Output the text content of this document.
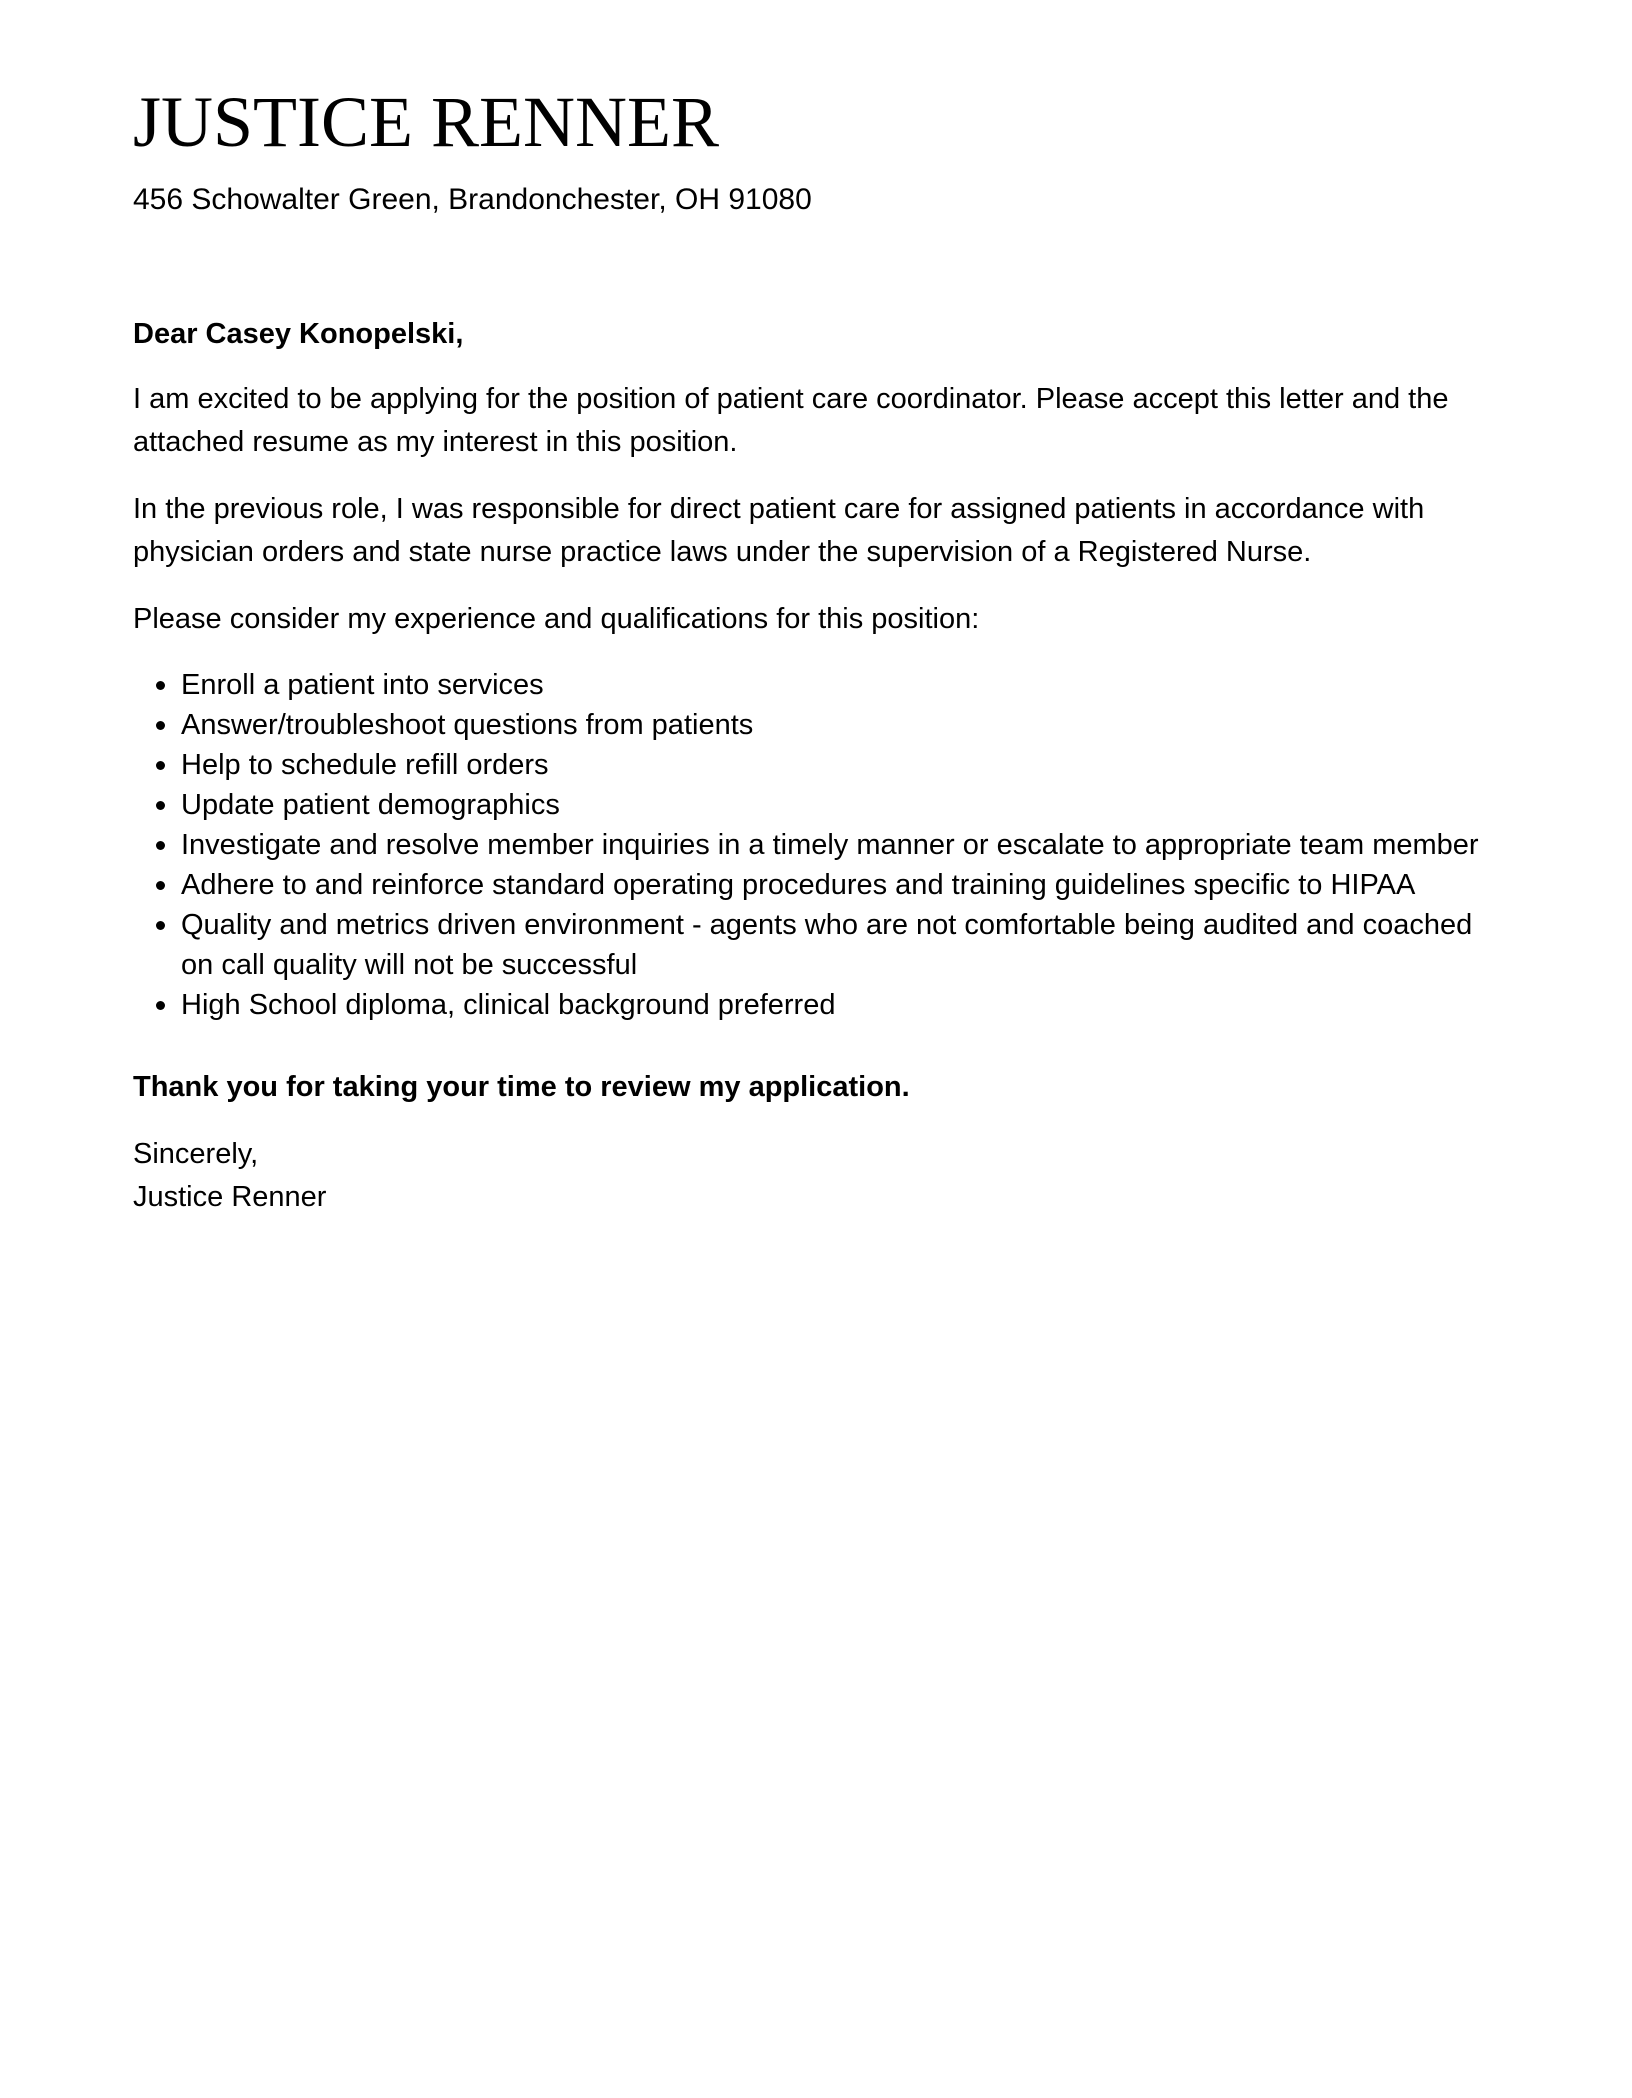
JUSTICE RENNER
456 Schowalter Green, Brandonchester, OH 91080
Dear Casey Konopelski,

I am excited to be applying for the position of patient care coordinator. Please accept this letter and the attached resume as my interest in this position.

In the previous role, I was responsible for direct patient care for assigned patients in accordance with physician orders and state nurse practice laws under the supervision of a Registered Nurse.

Please consider my experience and qualifications for this position:

Enroll a patient into services
Answer/troubleshoot questions from patients
Help to schedule refill orders
Update patient demographics
Investigate and resolve member inquiries in a timely manner or escalate to appropriate team member
Adhere to and reinforce standard operating procedures and training guidelines specific to HIPAA
Quality and metrics driven environment - agents who are not comfortable being audited and coached on call quality will not be successful
High School diploma, clinical background preferred
Thank you for taking your time to review my application.
Sincerely,
Justice Renner
